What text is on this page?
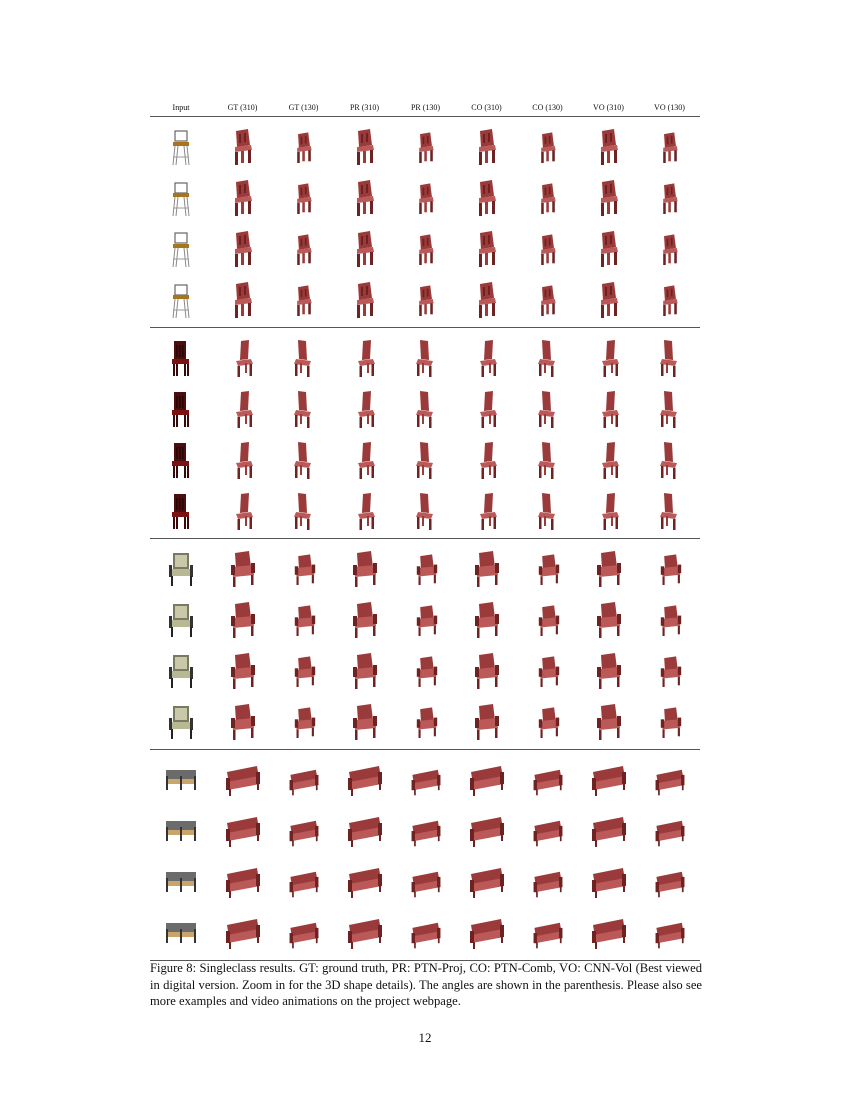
Input	GT (310)	GT (130)	PR (310)	PR (130)	CO (310)	CO (130)	VO (310)	VO (130)
Figure 8: Singleclass results. GT: ground truth, PR: PTN-Proj, CO: PTN-Comb, VO: CNN-Vol (Best viewed in digital version. Zoom in for the 3D shape details). The angles are shown in the parenthesis. Please also see more examples and video animations on the project webpage.
12
